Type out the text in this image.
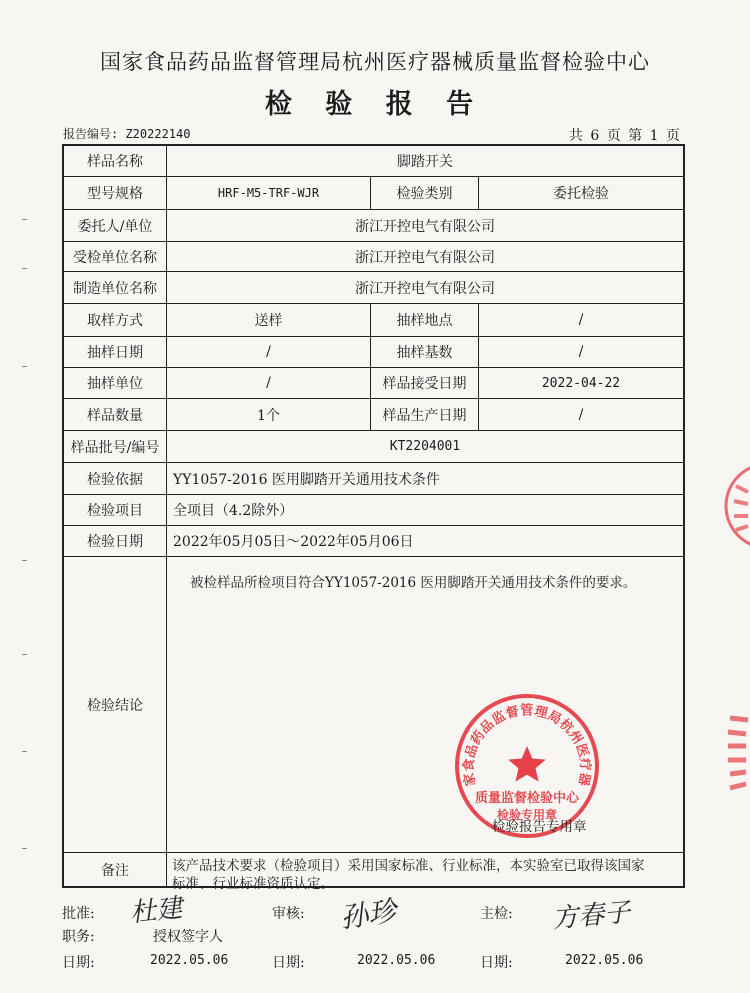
国家食品药品监督管理局杭州医疗器械质量监督检验中心
检 验 报 告
报告编号: Z20222140	共 6 页 第 1 页
样品名称	脚踏开关
型号规格	HRF-M5-TRF-WJR	检验类别	委托检验
委托人/单位	浙江开控电气有限公司
受检单位名称	浙江开控电气有限公司
制造单位名称	浙江开控电气有限公司
取样方式	送样	抽样地点	/
抽样日期	/	抽样基数	/
抽样单位	/	样品接受日期	2022-04-22
样品数量	1个	样品生产日期	/
样品批号/编号	KT2204001
检验依据	YY1057-2016 医用脚踏开关通用技术条件
检验项目	全项目（4.2除外）
检验日期	2022年05月05日～2022年05月06日
检验结论
被检样品所检项目符合YY1057-2016 医用脚踏开关通用技术条件的要求。
备注	该产品技术要求（检验项目）采用国家标准、行业标准，本实验室已取得该国家
标准、行业标准资质认定。
家食品药品监督管理局杭州医疗器
质量监督检验中心
检验专用章
检验报告专用章
批准: 杜建
职务:	授权签字人
日期:	2022.05.06
审核: 孙珍
日期:	2022.05.06
主检: 方春子
日期:	2022.05.06
